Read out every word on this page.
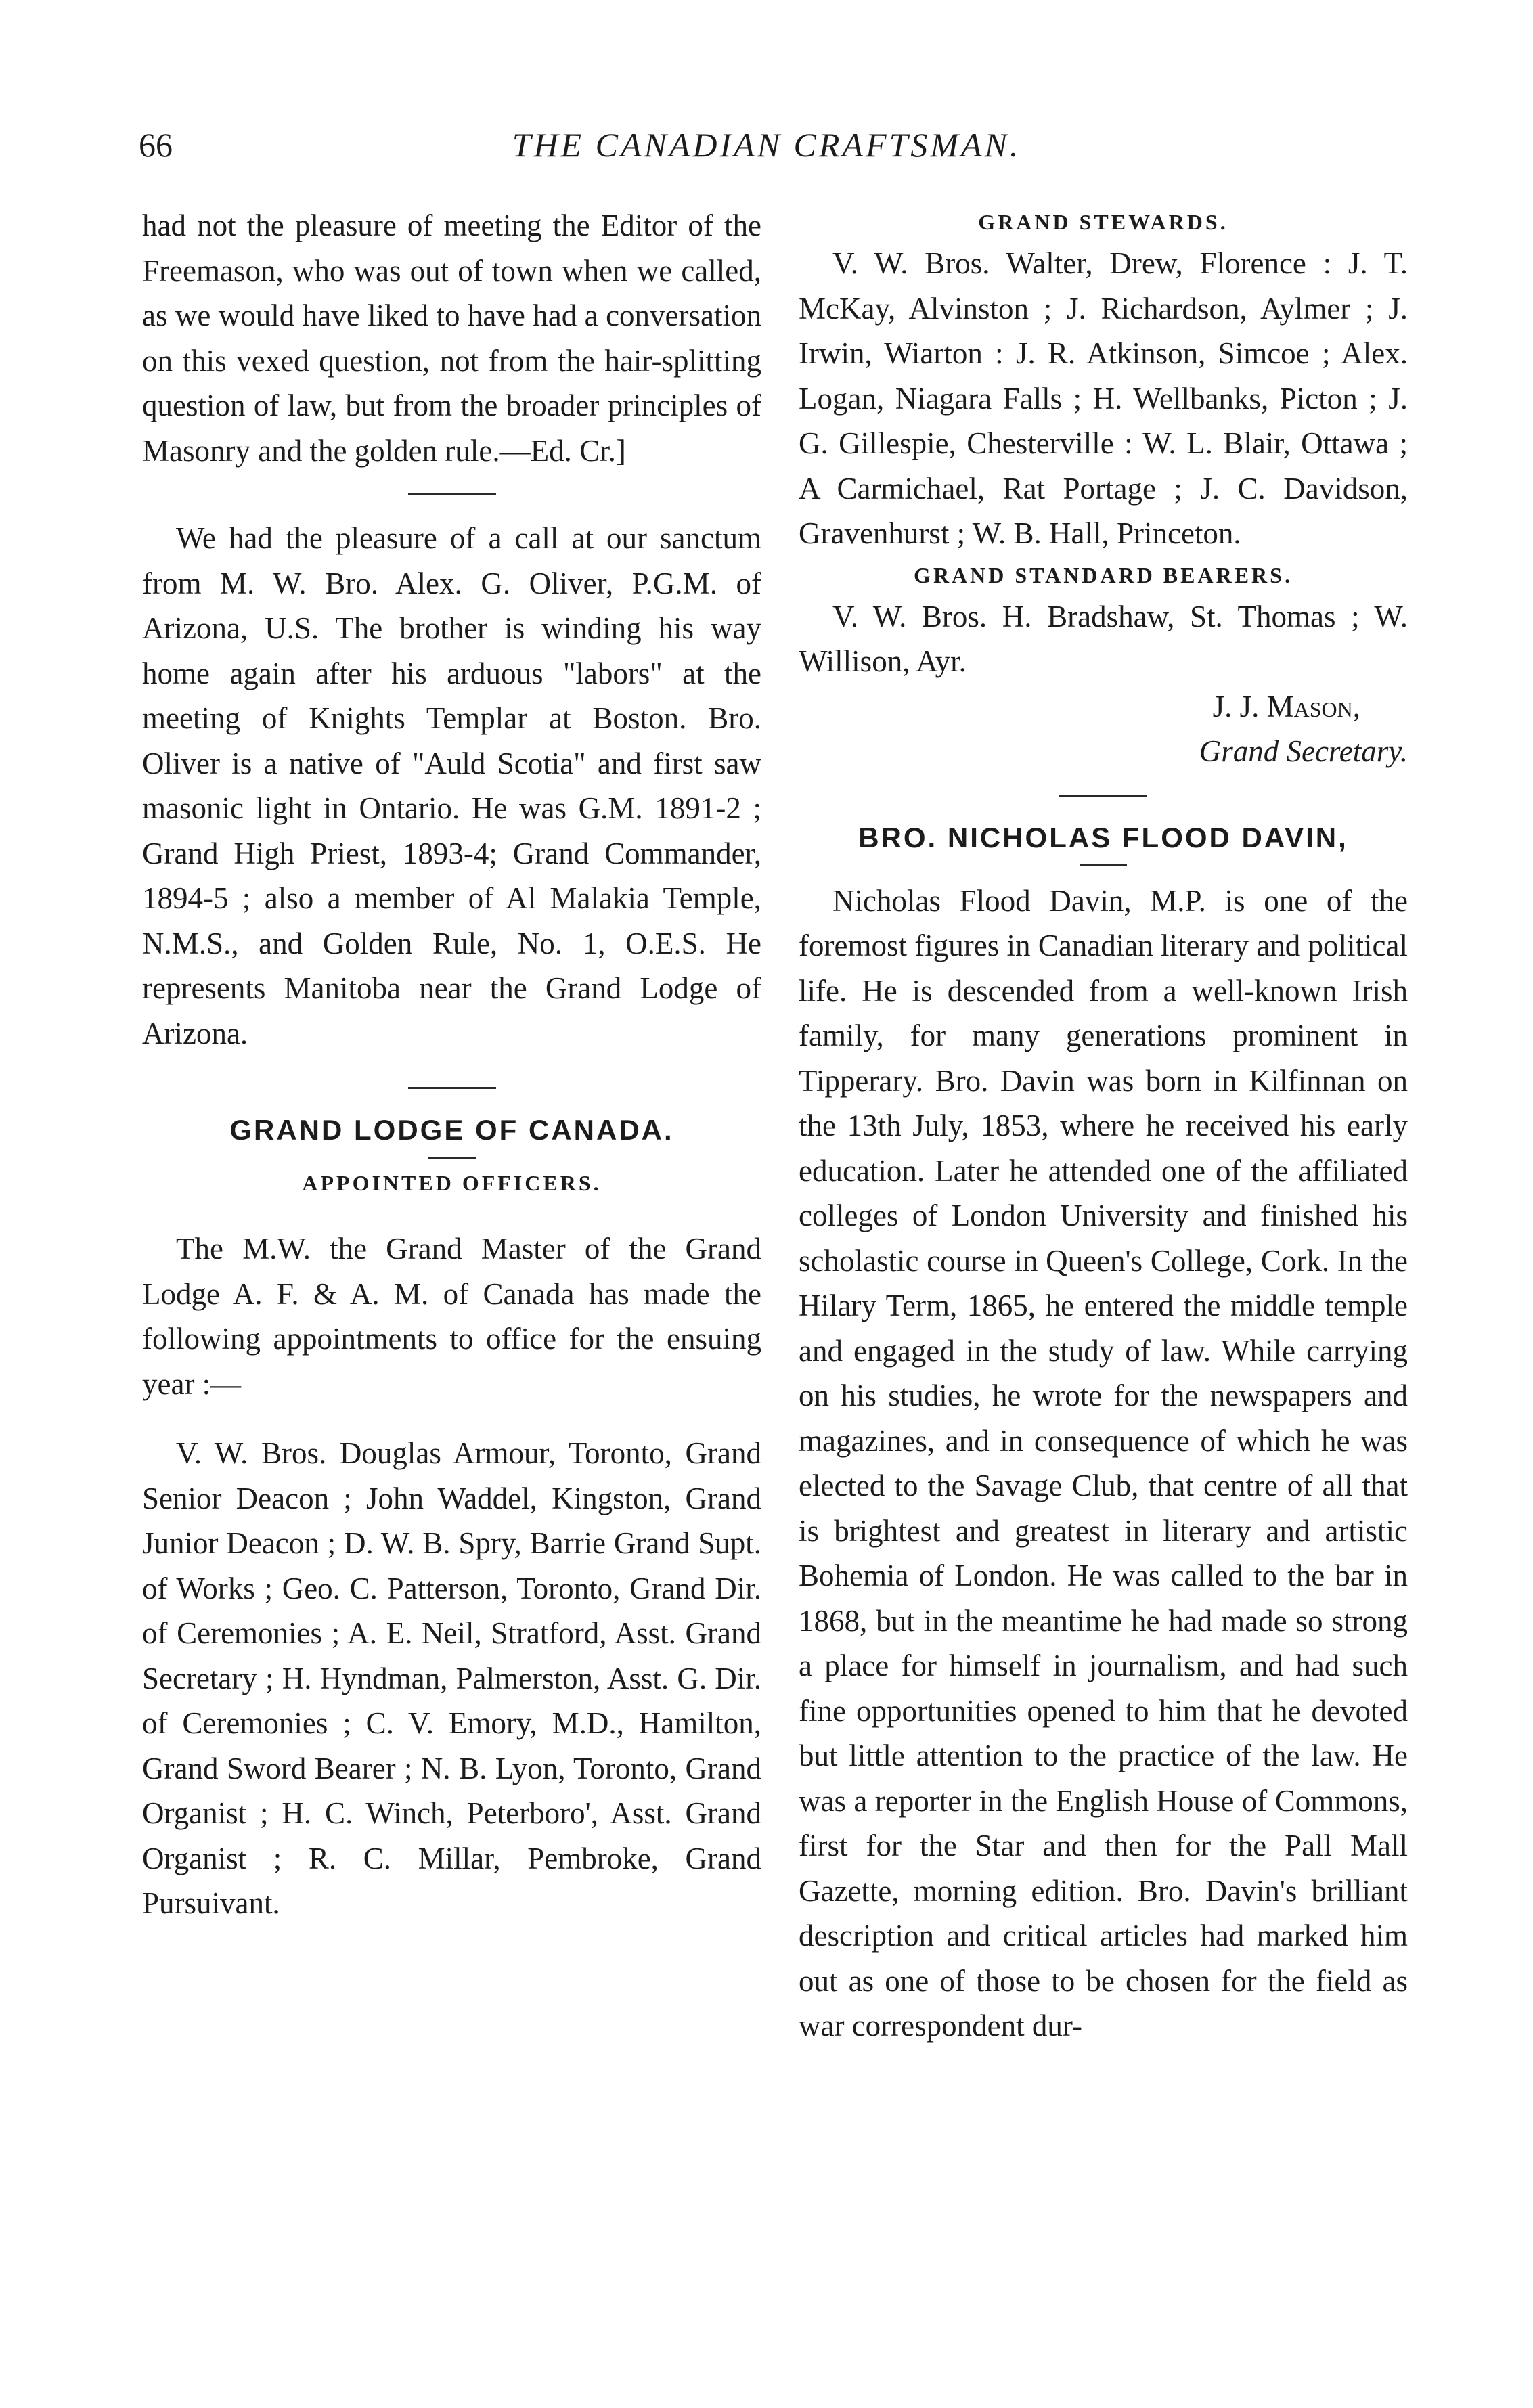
66	THE CANADIAN CRAFTSMAN.

had not the pleasure of meeting the Editor of the Freemason, who was out of town when we called, as we would have liked to have had a conversation on this vexed question, not from the hair-splitting question of law, but from the broader principles of Masonry and the golden rule.—Ed. Cr.]

We had the pleasure of a call at our sanctum from M. W. Bro. Alex. G. Oliver, P.G.M. of Arizona, U.S. The brother is winding his way home again after his arduous "labors" at the meeting of Knights Templar at Boston. Bro. Oliver is a native of "Auld Scotia" and first saw masonic light in Ontario. He was G.M. 1891-2 ; Grand High Priest, 1893-4; Grand Commander, 1894-5 ; also a member of Al Malakia Temple, N.M.S., and Golden Rule, No. 1, O.E.S. He represents Manitoba near the Grand Lodge of Arizona.

GRAND LODGE OF CANADA.
APPOINTED OFFICERS.

The M.W. the Grand Master of the Grand Lodge A. F. & A. M. of Canada has made the following appointments to office for the ensuing year :—

V. W. Bros. Douglas Armour, Toronto, Grand Senior Deacon ; John Waddel, Kingston, Grand Junior Deacon ; D. W. B. Spry, Barrie Grand Supt. of Works ; Geo. C. Patterson, Toronto, Grand Dir. of Ceremonies ; A. E. Neil, Stratford, Asst. Grand Secretary ; H. Hyndman, Palmerston, Asst. G. Dir. of Ceremonies ; C. V. Emory, M.D., Hamilton, Grand Sword Bearer ; N. B. Lyon, Toronto, Grand Organist ; H. C. Winch, Peterboro', Asst. Grand Organist ; R. C. Millar, Pembroke, Grand Pursuivant.

GRAND STEWARDS.

V. W. Bros. Walter, Drew, Florence : J. T. McKay, Alvinston ; J. Richardson, Aylmer ; J. Irwin, Wiarton : J. R. Atkinson, Simcoe ; Alex. Logan, Niagara Falls ; H. Wellbanks, Picton ; J. G. Gillespie, Chesterville : W. L. Blair, Ottawa ; A Carmichael, Rat Portage ; J. C. Davidson, Gravenhurst ; W. B. Hall, Princeton.

GRAND STANDARD BEARERS.

V. W. Bros. H. Bradshaw, St. Thomas ; W. Willison, Ayr.

J. J. Mason,

Grand Secretary.

BRO. NICHOLAS FLOOD DAVIN,

Nicholas Flood Davin, M.P. is one of the foremost figures in Canadian literary and political life. He is descended from a well-known Irish family, for many generations prominent in Tipperary. Bro. Davin was born in Kilfinnan on the 13th July, 1853, where he received his early education. Later he attended one of the affiliated colleges of London University and finished his scholastic course in Queen's College, Cork. In the Hilary Term, 1865, he entered the middle temple and engaged in the study of law. While carrying on his studies, he wrote for the newspapers and magazines, and in consequence of which he was elected to the Savage Club, that centre of all that is brightest and greatest in literary and artistic Bohemia of London. He was called to the bar in 1868, but in the meantime he had made so strong a place for himself in journalism, and had such fine opportunities opened to him that he devoted but little attention to the practice of the law. He was a reporter in the English House of Commons, first for the Star and then for the Pall Mall Gazette, morning edition. Bro. Davin's brilliant description and critical articles had marked him out as one of those to be chosen for the field as war correspondent dur-
